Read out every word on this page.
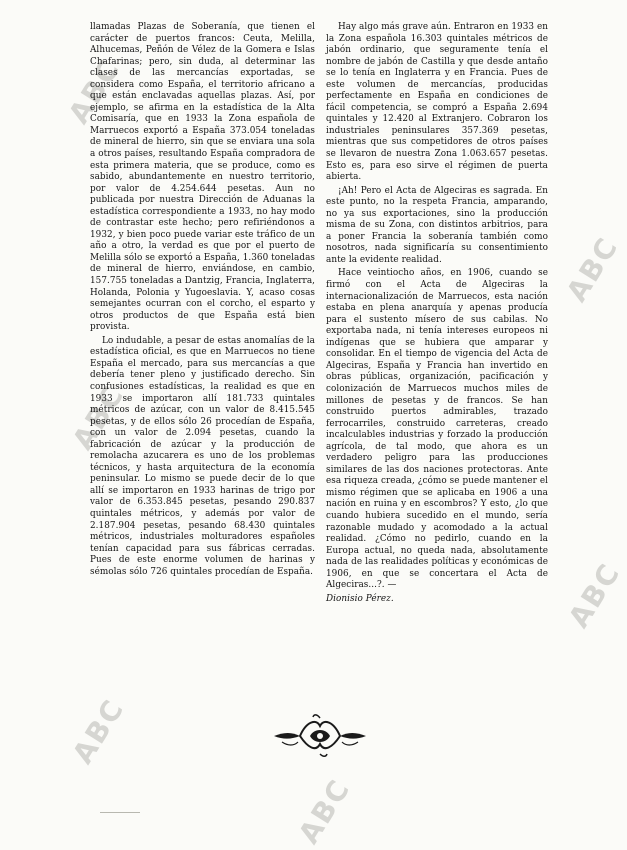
ABC
ABC
ABC
ABC
ABC
ABC

llamadas Plazas de Soberanía, que tienen el carácter de puertos francos: Ceuta, Melilla, Alhucemas, Peñón de Vélez de la Gomera e Islas Chafarinas; pero, sin duda, al determinar las clases de las mercancías exportadas, se considera como España, el territorio africano a que están enclavadas aquellas plazas. Así, por ejemplo, se afirma en la estadística de la Alta Comisaría, que en 1933 la Zona española de Marruecos exportó a España 373.054 toneladas de mineral de hierro, sin que se enviara una sola a otros países, resultando España compradora de esta primera materia, que se produce, como es sabido, abundantemente en nuestro territorio, por valor de 4.254.644 pesetas. Aun no publicada por nuestra Dirección de Aduanas la estadística correspondiente a 1933, no hay modo de contrastar este hecho; pero refiriéndonos a 1932, y bien poco puede variar este tráfico de un año a otro, la verdad es que por el puerto de Melilla sólo se exportó a España, 1.360 toneladas de mineral de hierro, enviándose, en cambio, 157.755 toneladas a Dantzig, Francia, Inglaterra, Holanda, Polonia y Yugoeslavia. Y, acaso cosas semejantes ocurran con el corcho, el esparto y otros productos de que España está bien provista.

Lo indudable, a pesar de estas anomalías de la estadística oficial, es que en Marruecos no tiene España el mercado, para sus mercancías a que debería tener pleno y justificado derecho. Sin confusiones estadísticas, la realidad es que en 1933 se importaron allí 181.733 quintales métricos de azúcar, con un valor de 8.415.545 pesetas, y de ellos sólo 26 procedían de España, con un valor de 2.094 pesetas, cuando la fabricación de azúcar y la producción de remolacha azucarera es uno de los problemas técnicos, y hasta arquitectura de la economía peninsular. Lo mismo se puede decir de lo que allí se importaron en 1933 harinas de trigo por valor de 6.353.845 pesetas, pesando 290.837 quintales métricos, y además por valor de 2.187.904 pesetas, pesando 68.430 quintales métricos, industriales molturadores españoles tenían capacidad para sus fábricas cerradas. Pues de este enorme volumen de harinas y sémolas sólo 726 quintales procedían de España.

Hay algo más grave aún. Entraron en 1933 en la Zona española 16.303 quintales métricos de jabón ordinario, que seguramente tenía el nombre de jabón de Castilla y que desde antaño se lo tenía en Inglaterra y en Francia. Pues de este volumen de mercancías, producidas perfectamente en España en condiciones de fácil competencia, se compró a España 2.694 quintales y 12.420 al Extranjero. Cobraron los industriales peninsulares 357.369 pesetas, mientras que sus competidores de otros países se llevaron de nuestra Zona 1.063.657 pesetas. Esto es, para eso sirve el régimen de puerta abierta.

¡Ah! Pero el Acta de Algeciras es sagrada. En este punto, no la respeta Francia, amparando, no ya sus exportaciones, sino la producción misma de su Zona, con distintos arbitrios, para a poner Francia la soberanía también como nosotros, nada significaría su consentimiento ante la evidente realidad.

Hace veintiocho años, en 1906, cuando se firmó con el Acta de Algeciras la internacionalización de Marruecos, esta nación estaba en plena anarquía y apenas producía para el sustento mísero de sus cabilas. No exportaba nada, ni tenía intereses europeos ni indígenas que se hubiera que amparar y consolidar. En el tiempo de vigencia del Acta de Algeciras, España y Francia han invertido en obras públicas, organización, pacificación y colonización de Marruecos muchos miles de millones de pesetas y de francos. Se han construido puertos admirables, trazado ferrocarriles, construido carreteras, creado incalculables industrias y forzado la producción agrícola, de tal modo, que ahora es un verdadero peligro para las producciones similares de las dos naciones protectoras. Ante esa riqueza creada, ¿cómo se puede mantener el mismo régimen que se aplicaba en 1906 a una nación en ruina y en escombros? Y esto, ¿lo que cuando hubiera sucedido en el mundo, sería razonable mudado y acomodado a la actual realidad. ¿Cómo no pedirlo, cuando en la Europa actual, no queda nada, absolutamente nada de las realidades políticas y económicas de 1906, en que se concertara el Acta de Algeciras...?. —

Dionisio Pérez.
